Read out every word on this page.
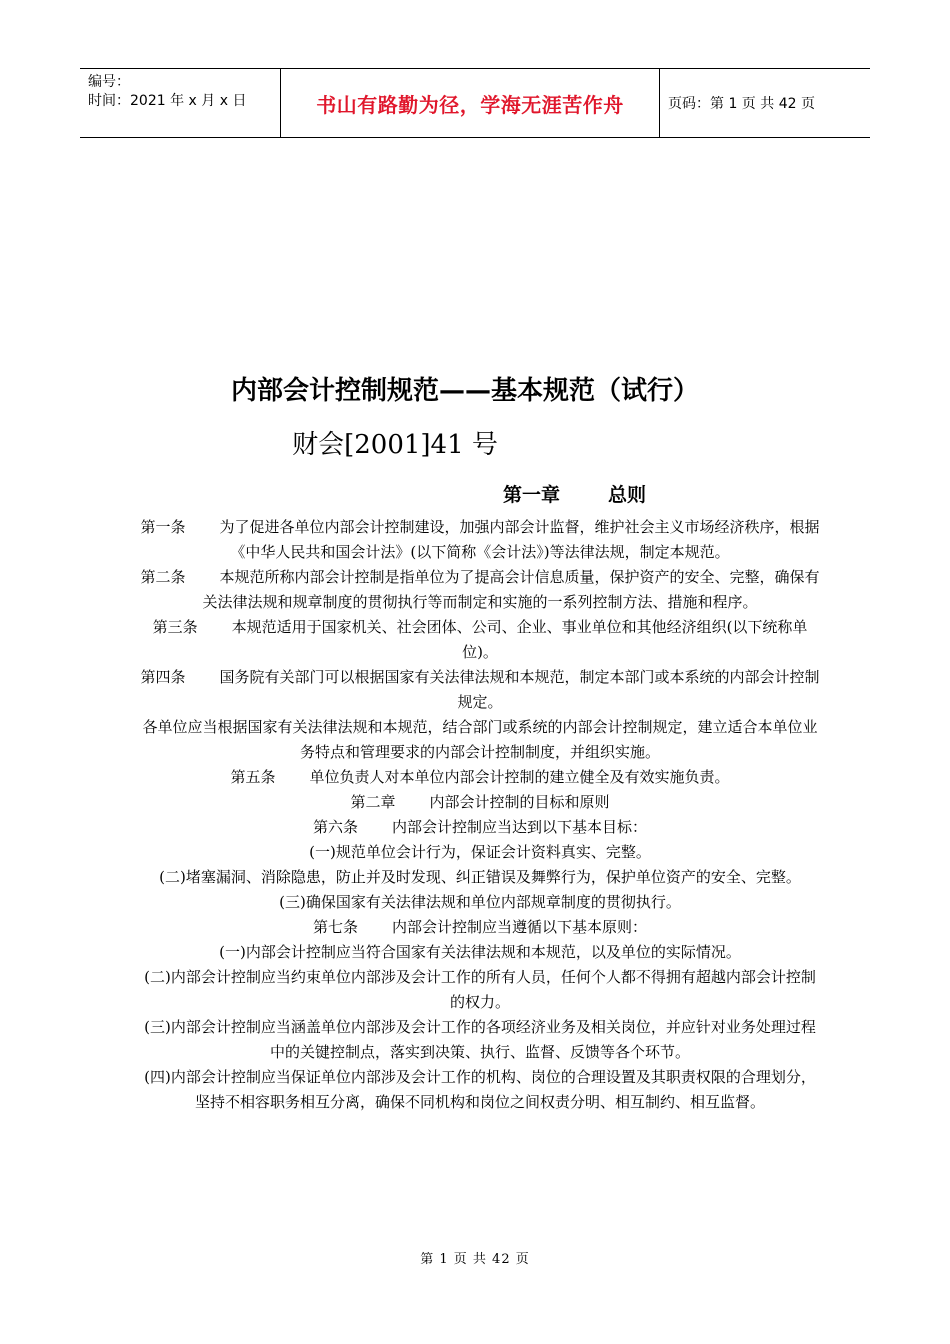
编号：
时间：2021 年 x 月 x 日	书山有路勤为径，学海无涯苦作舟	页码：第 1 页 共 42 页
内部会计控制规范——基本规范（试行）
财会[2001]41 号
第一章	总则

第一条 为了促进各单位内部会计控制建设，加强内部会计监督，维护社会主义市场经济秩序，根据《中华人民共和国会计法》(以下简称《会计法》)等法律法规，制定本规范。

第二条 本规范所称内部会计控制是指单位为了提高会计信息质量，保护资产的安全、完整，确保有关法律法规和规章制度的贯彻执行等而制定和实施的一系列控制方法、措施和程序。

第三条 本规范适用于国家机关、社会团体、公司、企业、事业单位和其他经济组织(以下统称单位)。

第四条 国务院有关部门可以根据国家有关法律法规和本规范，制定本部门或本系统的内部会计控制规定。

各单位应当根据国家有关法律法规和本规范，结合部门或系统的内部会计控制规定，建立适合本单位业务特点和管理要求的内部会计控制制度，并组织实施。

第五条 单位负责人对本单位内部会计控制的建立健全及有效实施负责。

第二章 内部会计控制的目标和原则

第六条 内部会计控制应当达到以下基本目标：

(一)规范单位会计行为，保证会计资料真实、完整。

(二)堵塞漏洞、消除隐患，防止并及时发现、纠正错误及舞弊行为，保护单位资产的安全、完整。

(三)确保国家有关法律法规和单位内部规章制度的贯彻执行。

第七条 内部会计控制应当遵循以下基本原则：

(一)内部会计控制应当符合国家有关法律法规和本规范，以及单位的实际情况。

(二)内部会计控制应当约束单位内部涉及会计工作的所有人员，任何个人都不得拥有超越内部会计控制的权力。

(三)内部会计控制应当涵盖单位内部涉及会计工作的各项经济业务及相关岗位，并应针对业务处理过程中的关键控制点，落实到决策、执行、监督、反馈等各个环节。

(四)内部会计控制应当保证单位内部涉及会计工作的机构、岗位的合理设置及其职责权限的合理划分，坚持不相容职务相互分离，确保不同机构和岗位之间权责分明、相互制约、相互监督。

第 1 页 共 42 页
